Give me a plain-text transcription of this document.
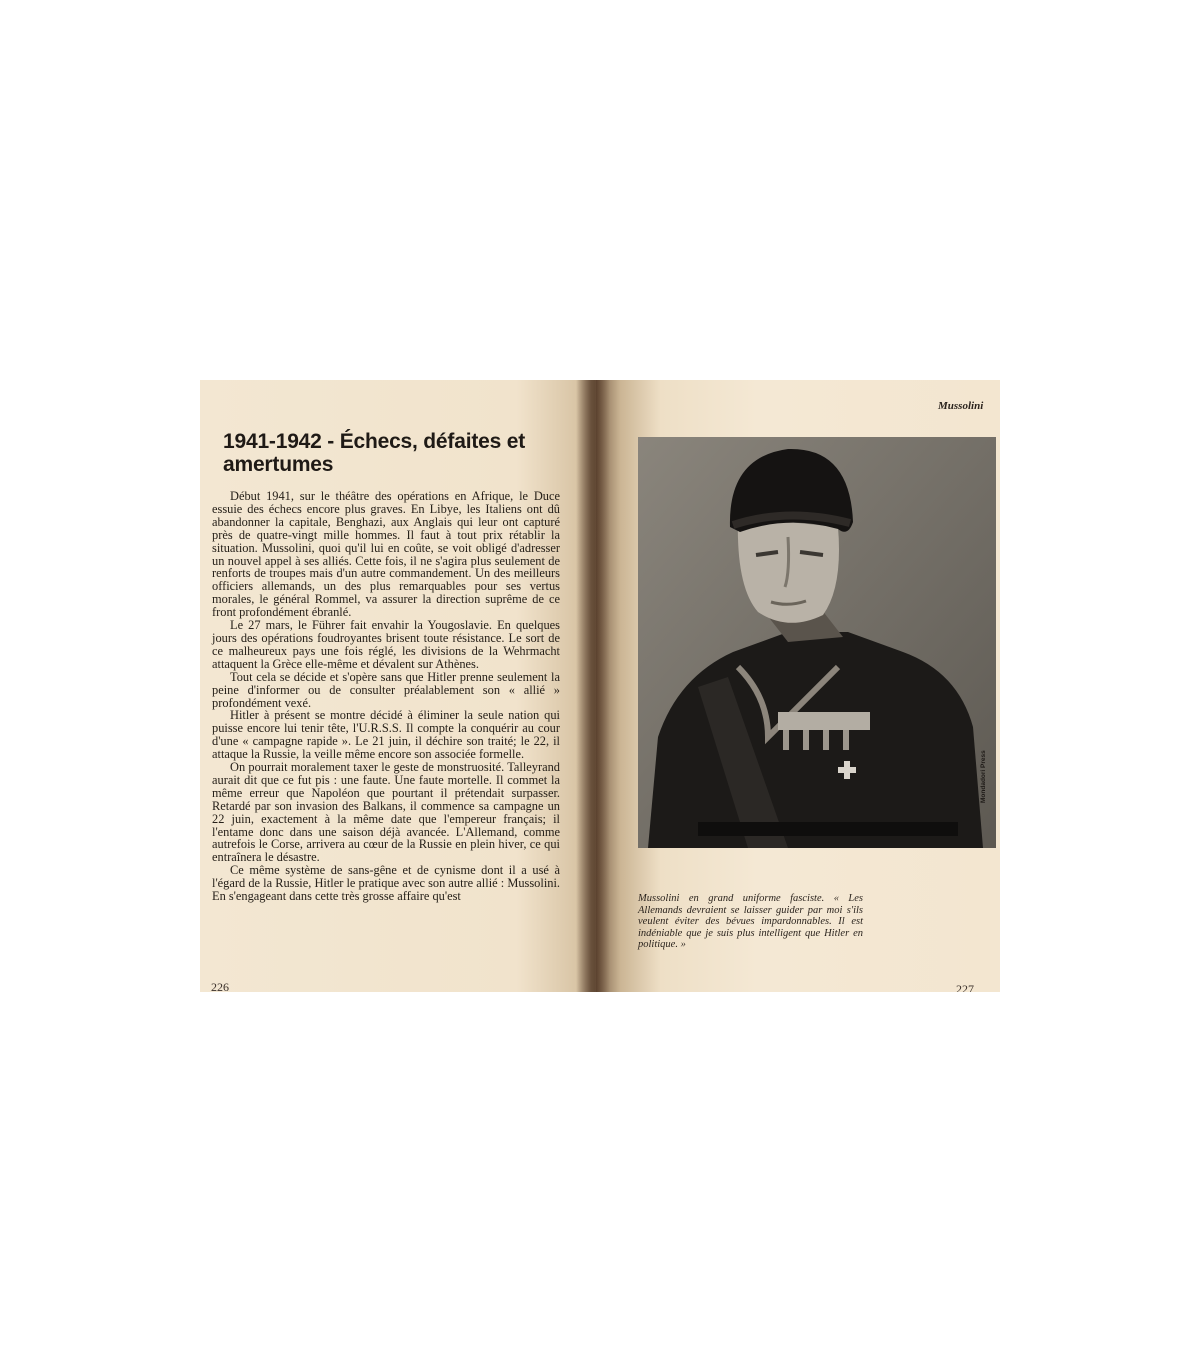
1941-1942 - Échecs, défaites et amertumes

Début 1941, sur le théâtre des opérations en Afrique, le Duce essuie des échecs encore plus graves. En Libye, les Italiens ont dû abandonner la capitale, Benghazi, aux Anglais qui leur ont capturé près de quatre-vingt mille hommes. Il faut à tout prix rétablir la situation. Mussolini, quoi qu'il lui en coûte, se voit obligé d'adresser un nouvel appel à ses alliés. Cette fois, il ne s'agira plus seulement de renforts de troupes mais d'un autre commandement. Un des meilleurs officiers allemands, un des plus remarquables pour ses vertus morales, le général Rommel, va assurer la direction suprême de ce front profondément ébranlé.

Le 27 mars, le Führer fait envahir la Yougoslavie. En quelques jours des opérations foudroyantes brisent toute résistance. Le sort de ce malheureux pays une fois réglé, les divisions de la Wehrmacht attaquent la Grèce elle-même et dévalent sur Athènes.

Tout cela se décide et s'opère sans que Hitler prenne seulement la peine d'informer ou de consulter préalablement son « allié » profondément vexé.

Hitler à présent se montre décidé à éliminer la seule nation qui puisse encore lui tenir tête, l'U.R.S.S. Il compte la conquérir au cour d'une « campagne rapide ». Le 21 juin, il déchire son traité; le 22, il attaque la Russie, la veille même encore son associée formelle.

On pourrait moralement taxer le geste de monstruosité. Talleyrand aurait dit que ce fut pis : une faute. Une faute mortelle. Il commet la même erreur que Napoléon que pourtant il prétendait surpasser. Retardé par son invasion des Balkans, il commence sa campagne un 22 juin, exactement à la même date que l'empereur français; il l'entame donc dans une saison déjà avancée. L'Allemand, comme autrefois le Corse, arrivera au cœur de la Russie en plein hiver, ce qui entraînera le désastre.

Ce même système de sans-gêne et de cynisme dont il a usé à l'égard de la Russie, Hitler le pratique avec son autre allié : Mussolini. En s'engageant dans cette très grosse affaire qu'est

226
Mussolini
Mondadori Press
Mussolini en grand uniforme fasciste. « Les Allemands devraient se laisser guider par moi s'ils veulent éviter des bévues impardonnables. Il est indéniable que je suis plus intelligent que Hitler en politique. »
227
